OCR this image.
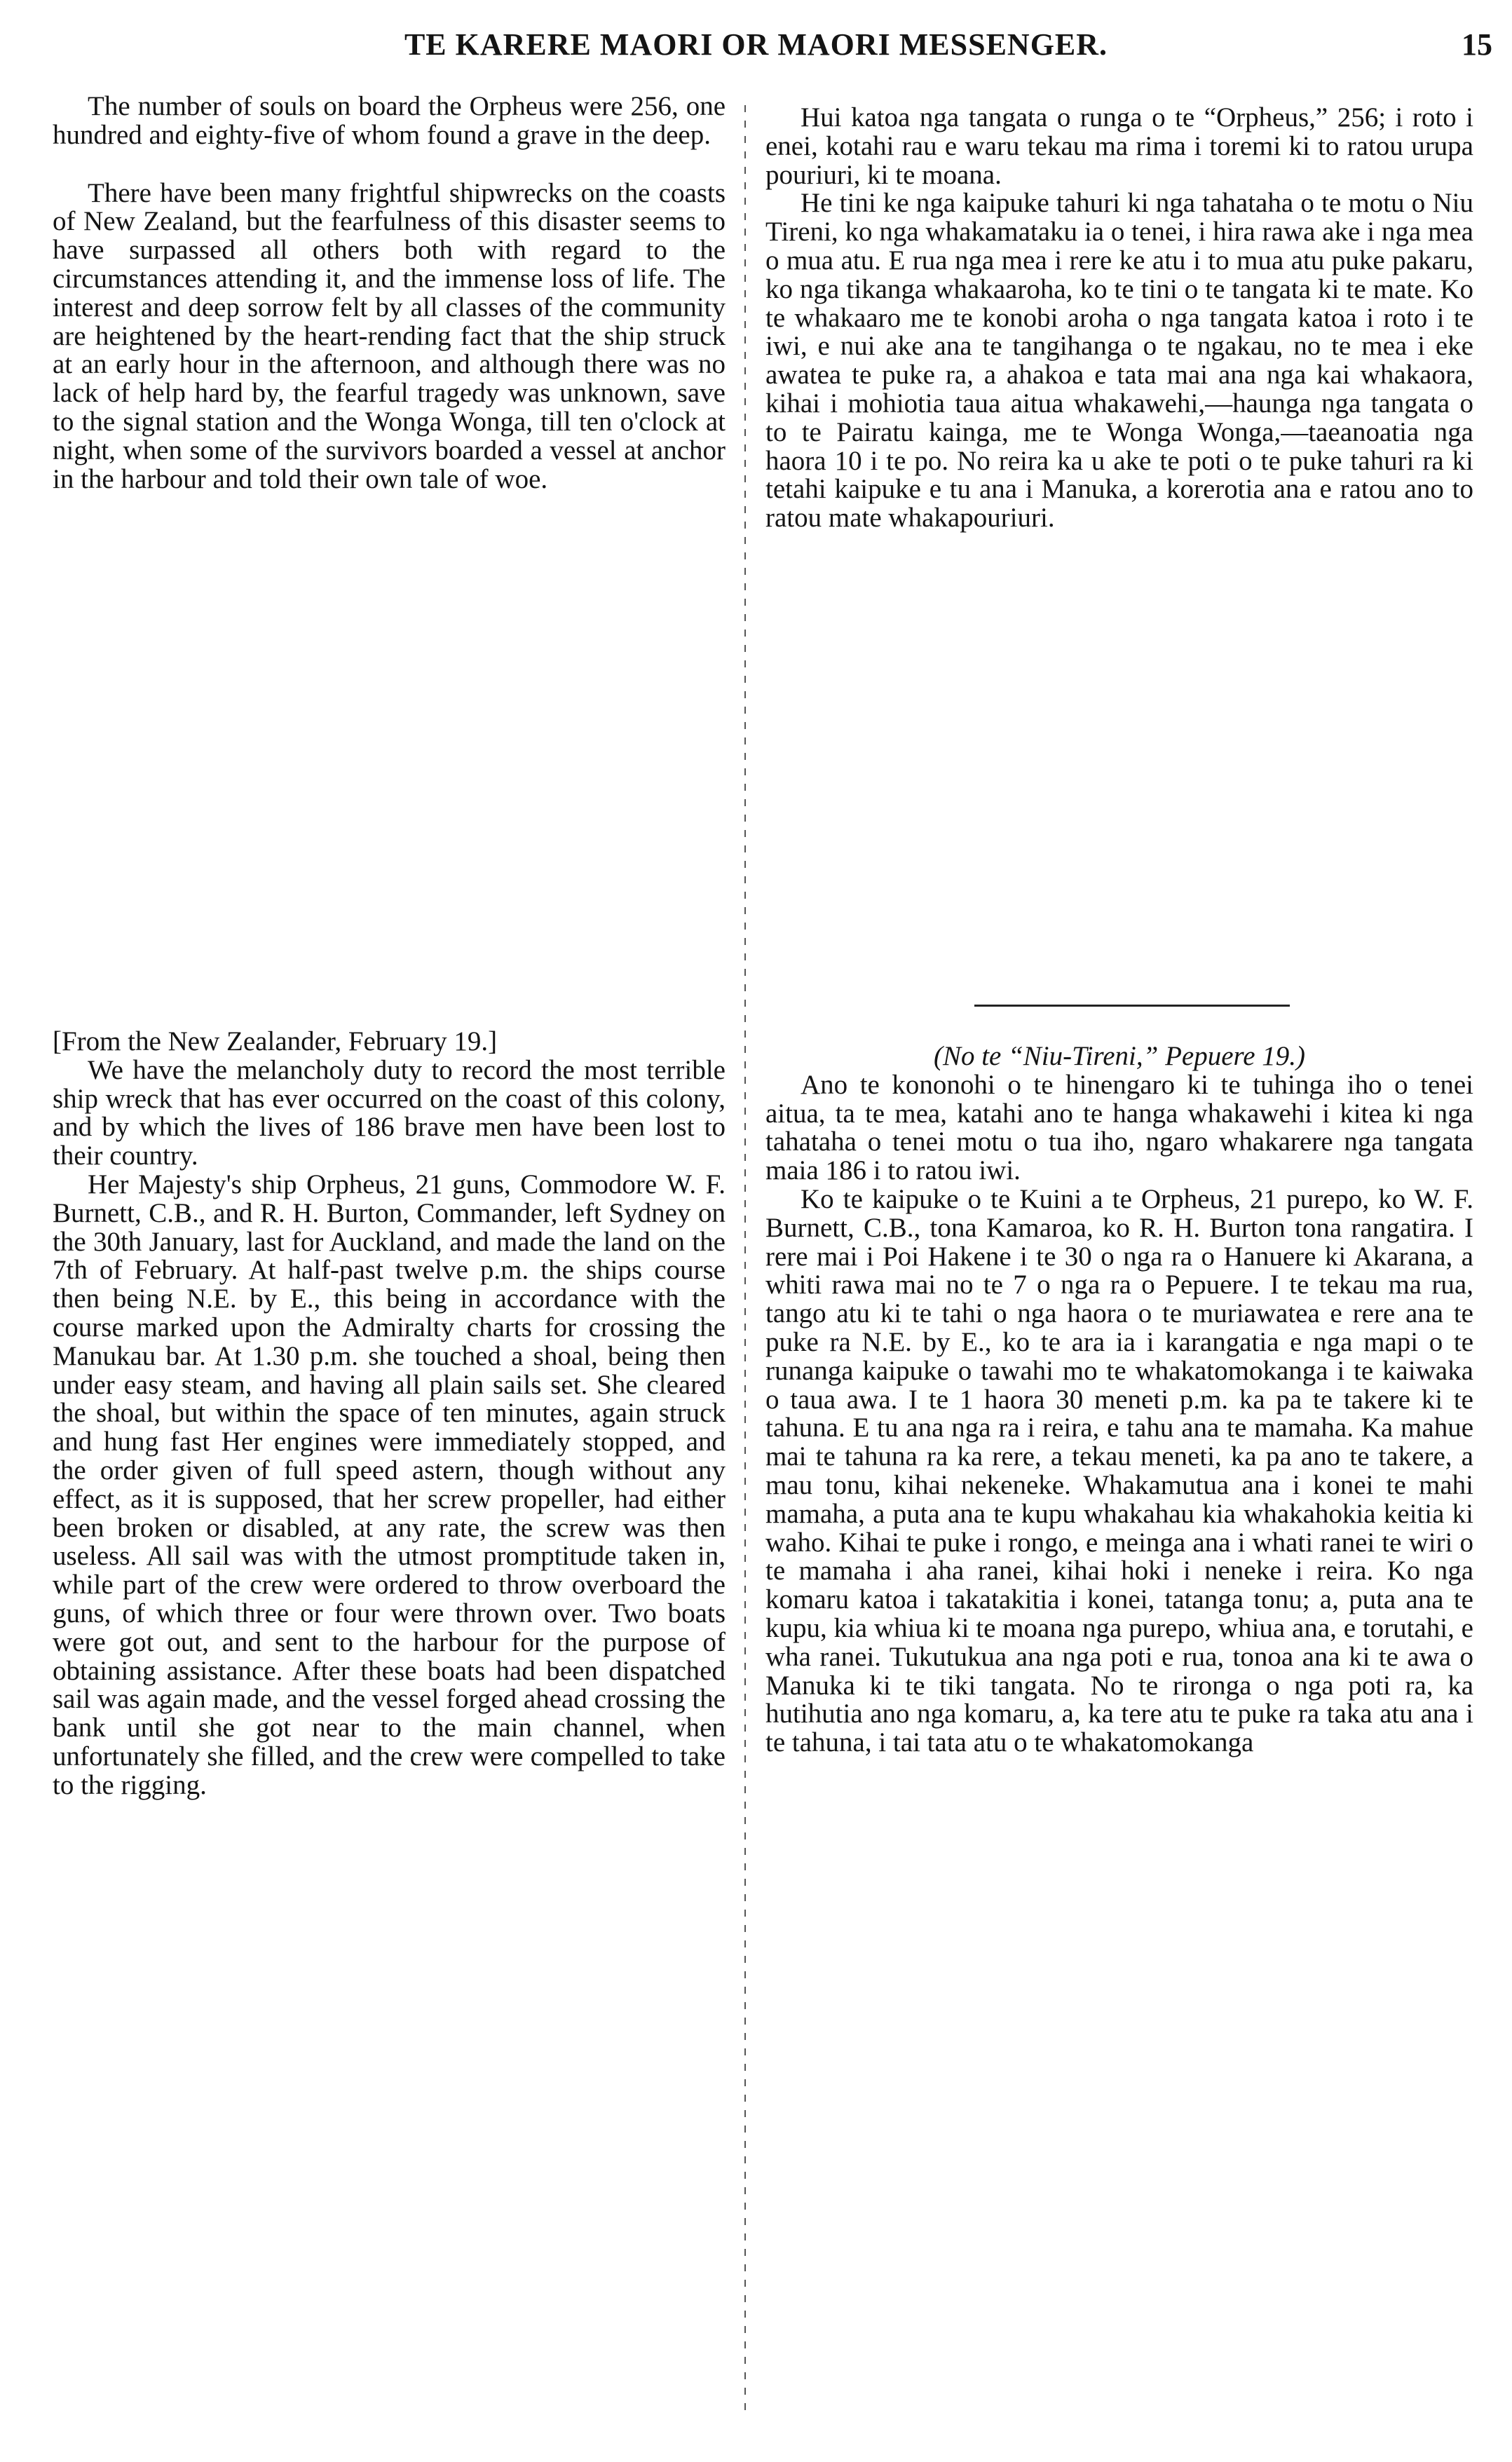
TE KARERE MAORI OR MAORI MESSENGER.	15

The number of souls on board the Orpheus were 256, one hundred and eighty-five of whom found a grave in the deep.

There have been many frightful shipwrecks on the coasts of New Zealand, but the fearfulness of this disaster seems to have surpassed all others both with regard to the circumstances attending it, and the immense loss of life. The interest and deep sorrow felt by all classes of the community are heightened by the heart-rending fact that the ship struck at an early hour in the afternoon, and although there was no lack of help hard by, the fearful tragedy was unknown, save to the signal station and the Wonga Wonga, till ten o'clock at night, when some of the survivors boarded a vessel at anchor in the harbour and told their own tale of woe.

Hui katoa nga tangata o runga o te “Orpheus,” 256; i roto i enei, kotahi rau e waru tekau ma rima i toremi ki to ratou urupa pouriuri, ki te moana.

He tini ke nga kaipuke tahuri ki nga tahataha o te motu o Niu Tireni, ko nga whakamataku ia o tenei, i hira rawa ake i nga mea o mua atu. E rua nga mea i rere ke atu i to mua atu puke pakaru, ko nga tikanga whakaaroha, ko te tini o te tangata ki te mate. Ko te whakaaro me te konobi aroha o nga tangata katoa i roto i te iwi, e nui ake ana te tangihanga o te ngakau, no te mea i eke awatea te puke ra, a ahakoa e tata mai ana nga kai whakaora, kihai i mohiotia taua aitua whakawehi,—haunga nga tangata o to te Pairatu kainga, me te Wonga Wonga,—taeanoatia nga haora 10 i te po. No reira ka u ake te poti o te puke tahuri ra ki tetahi kaipuke e tu ana i Manuka, a korerotia ana e ratou ano to ratou mate whakapouriuri.

[From the New Zealander, February 19.]

We have the melancholy duty to record the most terrible ship wreck that has ever occurred on the coast of this colony, and by which the lives of 186 brave men have been lost to their country.

Her Majesty's ship Orpheus, 21 guns, Commodore W. F. Burnett, C.B., and R. H. Burton, Commander, left Sydney on the 30th January, last for Auckland, and made the land on the 7th of February. At half-past twelve p.m. the ships course then being N.E. by E., this being in accordance with the course marked upon the Admiralty charts for crossing the Manukau bar. At 1.30 p.m. she touched a shoal, being then under easy steam, and having all plain sails set. She cleared the shoal, but within the space of ten minutes, again struck and hung fast Her engines were immediately stopped, and the order given of full speed astern, though without any effect, as it is supposed, that her screw propeller, had either been broken or disabled, at any rate, the screw was then useless. All sail was with the utmost promptitude taken in, while part of the crew were ordered to throw overboard the guns, of which three or four were thrown over. Two boats were got out, and sent to the harbour for the purpose of obtaining assistance. After these boats had been dispatched sail was again made, and the vessel forged ahead crossing the bank until she got near to the main channel, when unfortunately she filled, and the crew were compelled to take to the rigging.

(No te “Niu-Tireni,” Pepuere 19.)

Ano te kononohi o te hinengaro ki te tuhinga iho o tenei aitua, ta te mea, katahi ano te hanga whakawehi i kitea ki nga tahataha o tenei motu o tua iho, ngaro whakarere nga tangata maia 186 i to ratou iwi.

Ko te kaipuke o te Kuini a te Orpheus, 21 purepo, ko W. F. Burnett, C.B., tona Kamaroa, ko R. H. Burton tona rangatira. I rere mai i Poi Hakene i te 30 o nga ra o Hanuere ki Akarana, a whiti rawa mai no te 7 o nga ra o Pepuere. I te tekau ma rua, tango atu ki te tahi o nga haora o te muriawatea e rere ana te puke ra N.E. by E., ko te ara ia i karangatia e nga mapi o te runanga kaipuke o tawahi mo te whakatomokanga i te kaiwaka o taua awa. I te 1 haora 30 meneti p.m. ka pa te takere ki te tahuna. E tu ana nga ra i reira, e tahu ana te mamaha. Ka mahue mai te tahuna ra ka rere, a tekau meneti, ka pa ano te takere, a mau tonu, kihai nekeneke. Whakamutua ana i konei te mahi mamaha, a puta ana te kupu whakahau kia whakahokia keitia ki waho. Kihai te puke i rongo, e meinga ana i whati ranei te wiri o te mamaha i aha ranei, kihai hoki i neneke i reira. Ko nga komaru katoa i takatakitia i konei, tatanga tonu; a, puta ana te kupu, kia whiua ki te moana nga purepo, whiua ana, e torutahi, e wha ranei. Tukutukua ana nga poti e rua, tonoa ana ki te awa o Manuka ki te tiki tangata. No te rironga o nga poti ra, ka hutihutia ano nga komaru, a, ka tere atu te puke ra taka atu ana i te tahuna, i tai tata atu o te whakatomokanga
